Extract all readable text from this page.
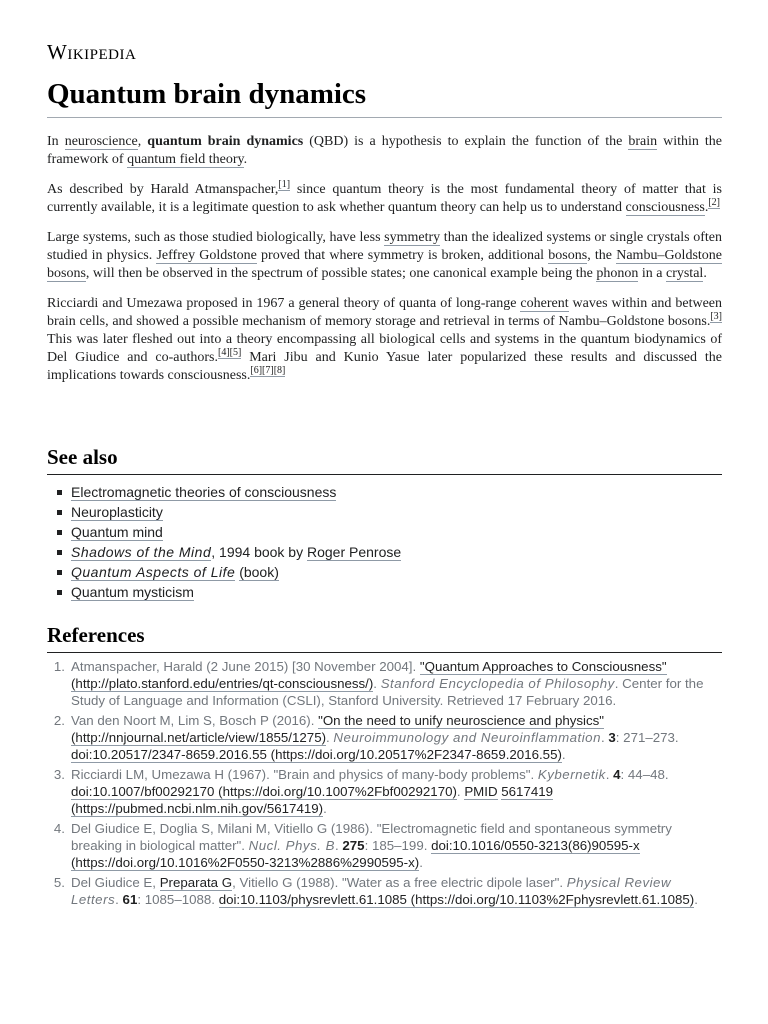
Wikipedia
Quantum brain dynamics

In neuroscience, quantum brain dynamics (QBD) is a hypothesis to explain the function of the brain within the framework of quantum field theory.

As described by Harald Atmanspacher,[1] since quantum theory is the most fundamental theory of matter that is currently available, it is a legitimate question to ask whether quantum theory can help us to understand consciousness.[2]

Large systems, such as those studied biologically, have less symmetry than the idealized systems or single crystals often studied in physics. Jeffrey Goldstone proved that where symmetry is broken, additional bosons, the Nambu–Goldstone bosons, will then be observed in the spectrum of possible states; one canonical example being the phonon in a crystal.

Ricciardi and Umezawa proposed in 1967 a general theory of quanta of long-range coherent waves within and between brain cells, and showed a possible mechanism of memory storage and retrieval in terms of Nambu–Goldstone bosons.[3] This was later fleshed out into a theory encompassing all biological cells and systems in the quantum biodynamics of Del Giudice and co-authors.[4][5] Mari Jibu and Kunio Yasue later popularized these results and discussed the implications towards consciousness.[6][7][8]

See also
Electromagnetic theories of consciousness
Neuroplasticity
Quantum mind
Shadows of the Mind, 1994 book by Roger Penrose
Quantum Aspects of Life (book)
Quantum mysticism
References
1. Atmanspacher, Harald (2 June 2015) [30 November 2004]. "Quantum Approaches to Consciousness" (http://plato.stanford.edu/entries/qt-consciousness/). Stanford Encyclopedia of Philosophy. Center for the Study of Language and Information (CSLI), Stanford University. Retrieved 17 February 2016.
2. Van den Noort M, Lim S, Bosch P (2016). "On the need to unify neuroscience and physics" (http://nnjournal.net/article/view/1855/1275). Neuroimmunology and Neuroinflammation. 3: 271–273. doi:10.20517/2347-8659.2016.55 (https://doi.org/10.20517%2F2347-8659.2016.55).
3. Ricciardi LM, Umezawa H (1967). "Brain and physics of many-body problems". Kybernetik. 4: 44–48. doi:10.1007/bf00292170 (https://doi.org/10.1007%2Fbf00292170). PMID 5617419 (https://pubmed.ncbi.nlm.nih.gov/5617419).
4. Del Giudice E, Doglia S, Milani M, Vitiello G (1986). "Electromagnetic field and spontaneous symmetry breaking in biological matter". Nucl. Phys. B. 275: 185–199. doi:10.1016/0550-3213(86)90595-x (https://doi.org/10.1016%2F0550-3213%2886%2990595-x).
5. Del Giudice E, Preparata G, Vitiello G (1988). "Water as a free electric dipole laser". Physical Review Letters. 61: 1085–1088. doi:10.1103/physrevlett.61.1085 (https://doi.org/10.1103%2Fphysrevlett.61.1085).
